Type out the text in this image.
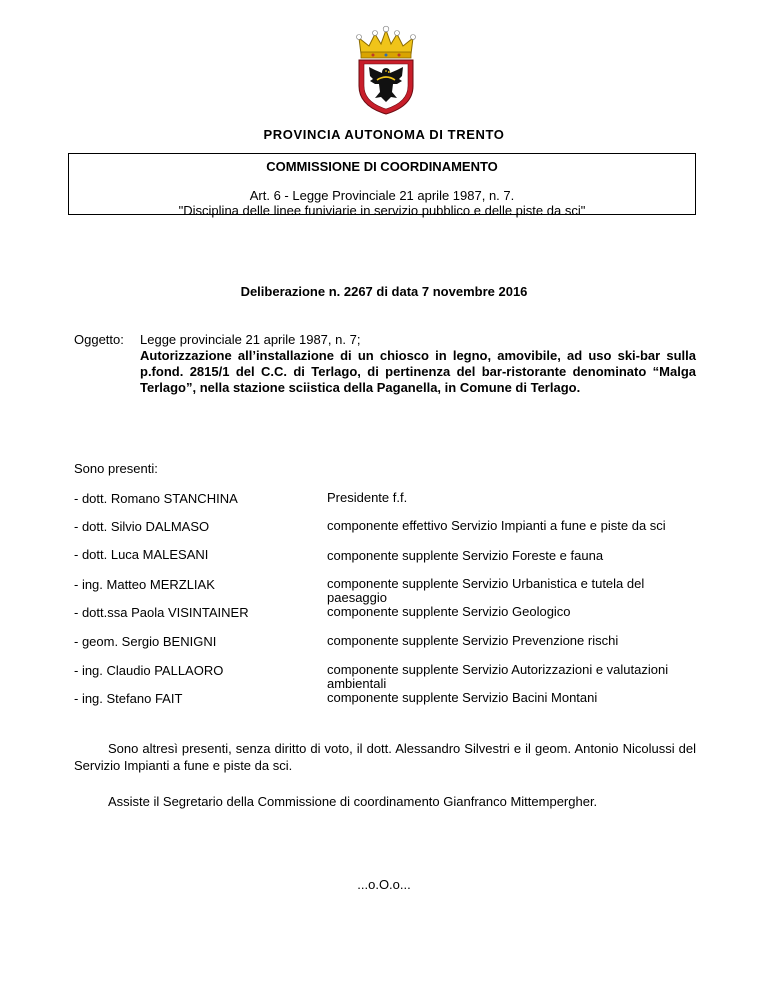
PROVINCIA AUTONOMA DI TRENTO
COMMISSIONE DI COORDINAMENTO
Art. 6 - Legge Provinciale 21 aprile 1987, n. 7.
"Disciplina delle linee funiviarie in servizio pubblico e delle piste da sci"
Deliberazione n. 2267 di data 7 novembre 2016
Oggetto: Legge provinciale 21 aprile 1987, n. 7;
Autorizzazione all’installazione di un chiosco in legno, amovibile, ad uso ski-bar sulla p.fond. 2815/1 del C.C. di Terlago, di pertinenza del bar-ristorante denominato “Malga Terlago”, nella stazione sciistica della Paganella, in Comune di Terlago.
Sono presenti:
- dott. Romano STANCHINA	Presidente f.f.
- dott. Silvio DALMASO	componente effettivo Servizio Impianti a fune e piste da sci
- dott. Luca MALESANI	componente supplente Servizio Foreste e fauna
- ing. Matteo MERZLIAK	componente supplente Servizio Urbanistica e tutela del paesaggio
- dott.ssa Paola VISINTAINER	componente supplente Servizio Geologico
- geom. Sergio BENIGNI	componente supplente Servizio Prevenzione rischi
- ing. Claudio PALLAORO	componente supplente Servizio Autorizzazioni e valutazioni ambientali
- ing. Stefano FAIT	componente supplente Servizio Bacini Montani
Sono altresì presenti, senza diritto di voto, il dott. Alessandro Silvestri e il geom. Antonio Nicolussi del Servizio Impianti a fune e piste da sci.
Assiste il Segretario della Commissione di coordinamento Gianfranco Mittempergher.
...o.O.o...
